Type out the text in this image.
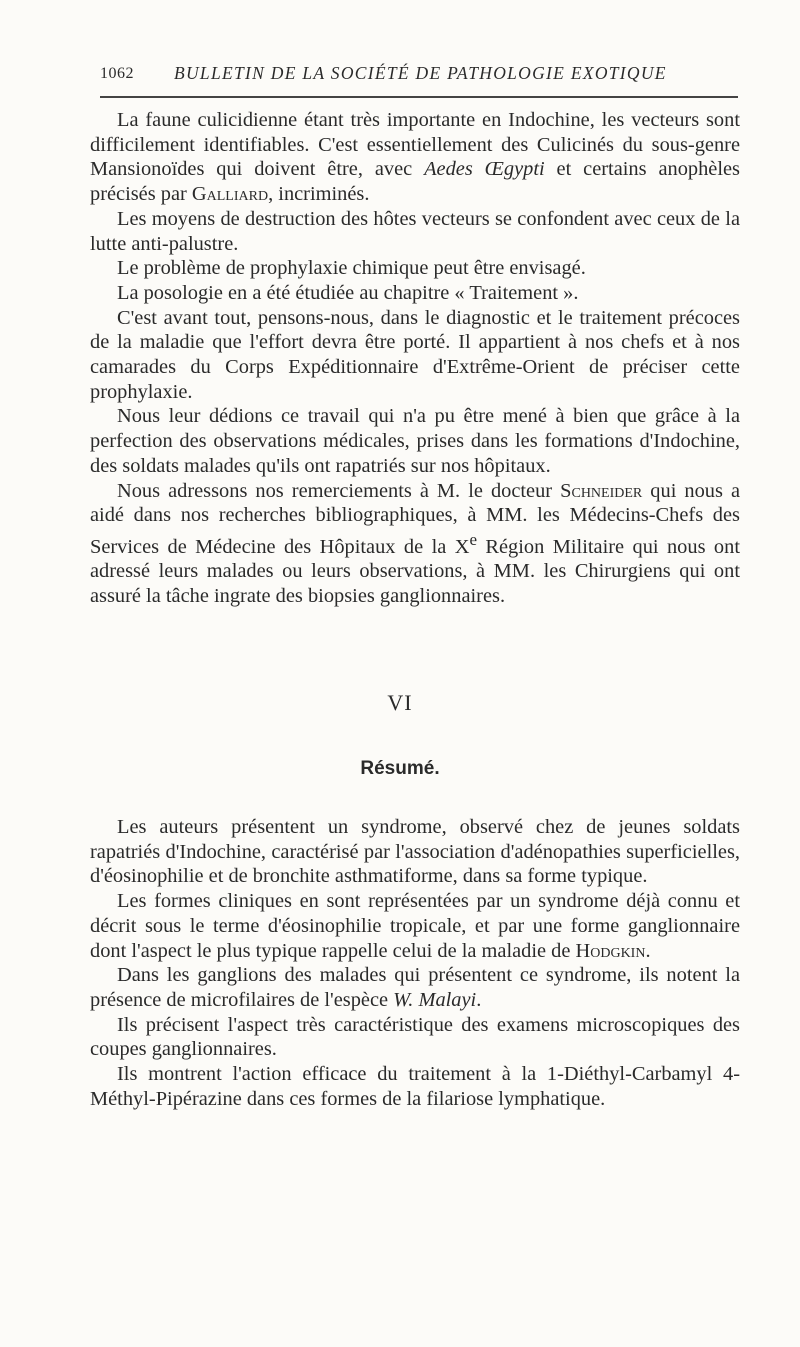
1062 BULLETIN DE LA SOCIÉTÉ DE PATHOLOGIE EXOTIQUE

La faune culicidienne étant très importante en Indochine, les vecteurs sont difficilement identifiables. C'est essentiellement des Culicinés du sous-genre Mansionoïdes qui doivent être, avec Aedes Œgypti et certains anophèles précisés par Galliard, incriminés.

Les moyens de destruction des hôtes vecteurs se confondent avec ceux de la lutte anti-palustre.

Le problème de prophylaxie chimique peut être envisagé.

La posologie en a été étudiée au chapitre « Traitement ».

C'est avant tout, pensons-nous, dans le diagnostic et le traitement précoces de la maladie que l'effort devra être porté. Il appartient à nos chefs et à nos camarades du Corps Expéditionnaire d'Extrême-Orient de préciser cette prophylaxie.

Nous leur dédions ce travail qui n'a pu être mené à bien que grâce à la perfection des observations médicales, prises dans les formations d'Indochine, des soldats malades qu'ils ont rapatriés sur nos hôpitaux.

Nous adressons nos remerciements à M. le docteur Schneider qui nous a aidé dans nos recherches bibliographiques, à MM. les Médecins-Chefs des Services de Médecine des Hôpitaux de la Xe Région Militaire qui nous ont adressé leurs malades ou leurs observations, à MM. les Chirurgiens qui ont assuré la tâche ingrate des biopsies ganglionnaires.

VI
Résumé.

Les auteurs présentent un syndrome, observé chez de jeunes soldats rapatriés d'Indochine, caractérisé par l'association d'adénopathies superficielles, d'éosinophilie et de bronchite asthmatiforme, dans sa forme typique.

Les formes cliniques en sont représentées par un syndrome déjà connu et décrit sous le terme d'éosinophilie tropicale, et par une forme ganglionnaire dont l'aspect le plus typique rappelle celui de la maladie de Hodgkin.

Dans les ganglions des malades qui présentent ce syndrome, ils notent la présence de microfilaires de l'espèce W. Malayi.

Ils précisent l'aspect très caractéristique des examens microscopiques des coupes ganglionnaires.

Ils montrent l'action efficace du traitement à la 1-Diéthyl-Carbamyl 4-Méthyl-Pipérazine dans ces formes de la filariose lymphatique.
